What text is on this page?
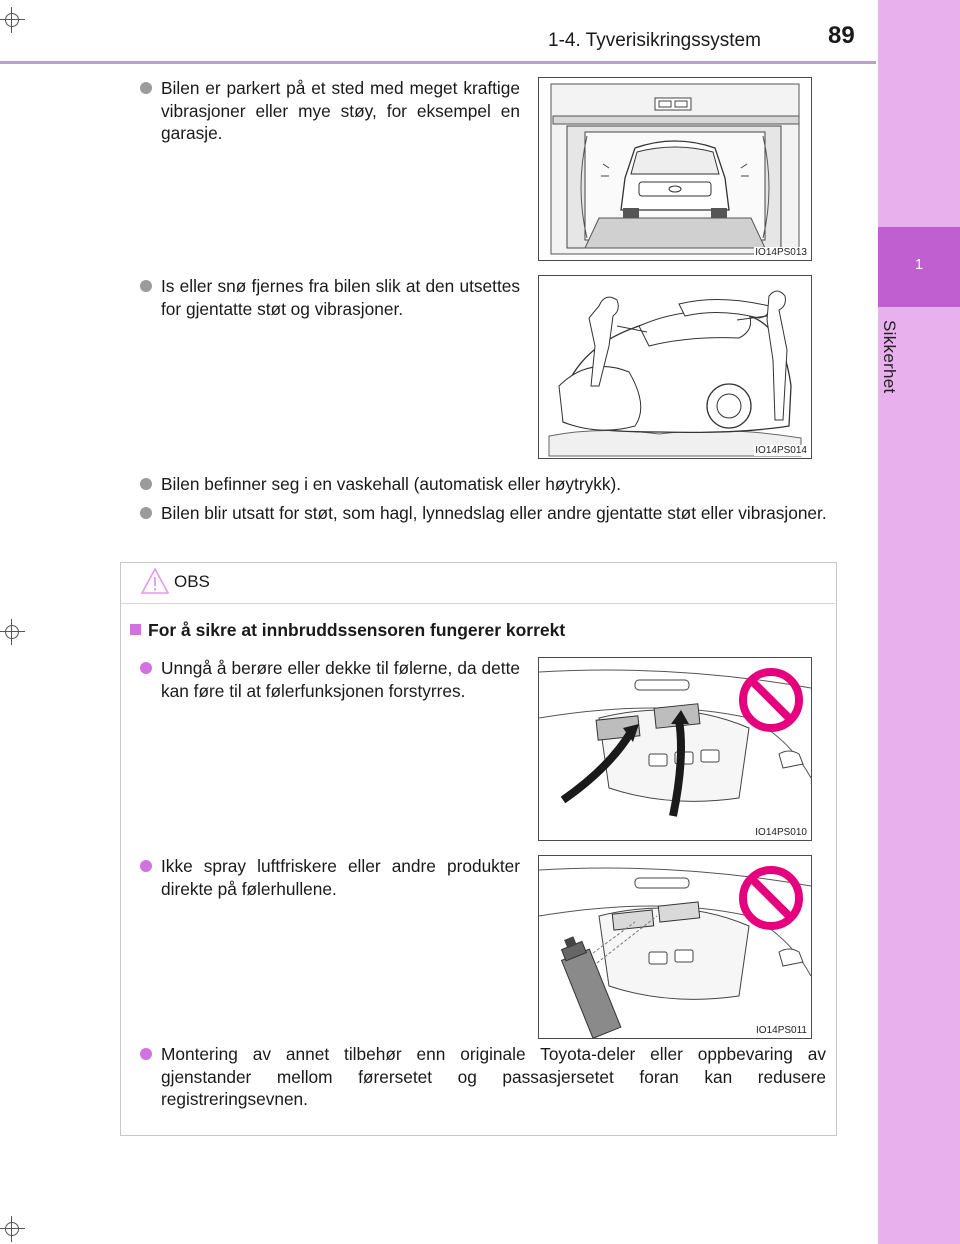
1
Sikkerhet
1-4. Tyverisikringssystem	89
Bilen er parkert på et sted med meget kraftige vibrasjoner eller mye støy, for eksempel en garasje.
IO14PS013
Is eller snø fjernes fra bilen slik at den utsettes for gjentatte støt og vibrasjoner.
IO14PS014
Bilen befinner seg i en vaskehall (automatisk eller høytrykk).
Bilen blir utsatt for støt, som hagl, lynnedslag eller andre gjentatte støt eller vibrasjoner.
OBS
For å sikre at innbruddssensoren fungerer korrekt
Unngå å berøre eller dekke til følerne, da dette kan føre til at følerfunksjonen forstyrres.
IO14PS010
Ikke spray luftfriskere eller andre produkter direkte på følerhullene.
IO14PS011
Montering av annet tilbehør enn originale Toyota-deler eller oppbevaring av gjenstander mellom førersetet og passasjersetet foran kan redusere registreringsevnen.
